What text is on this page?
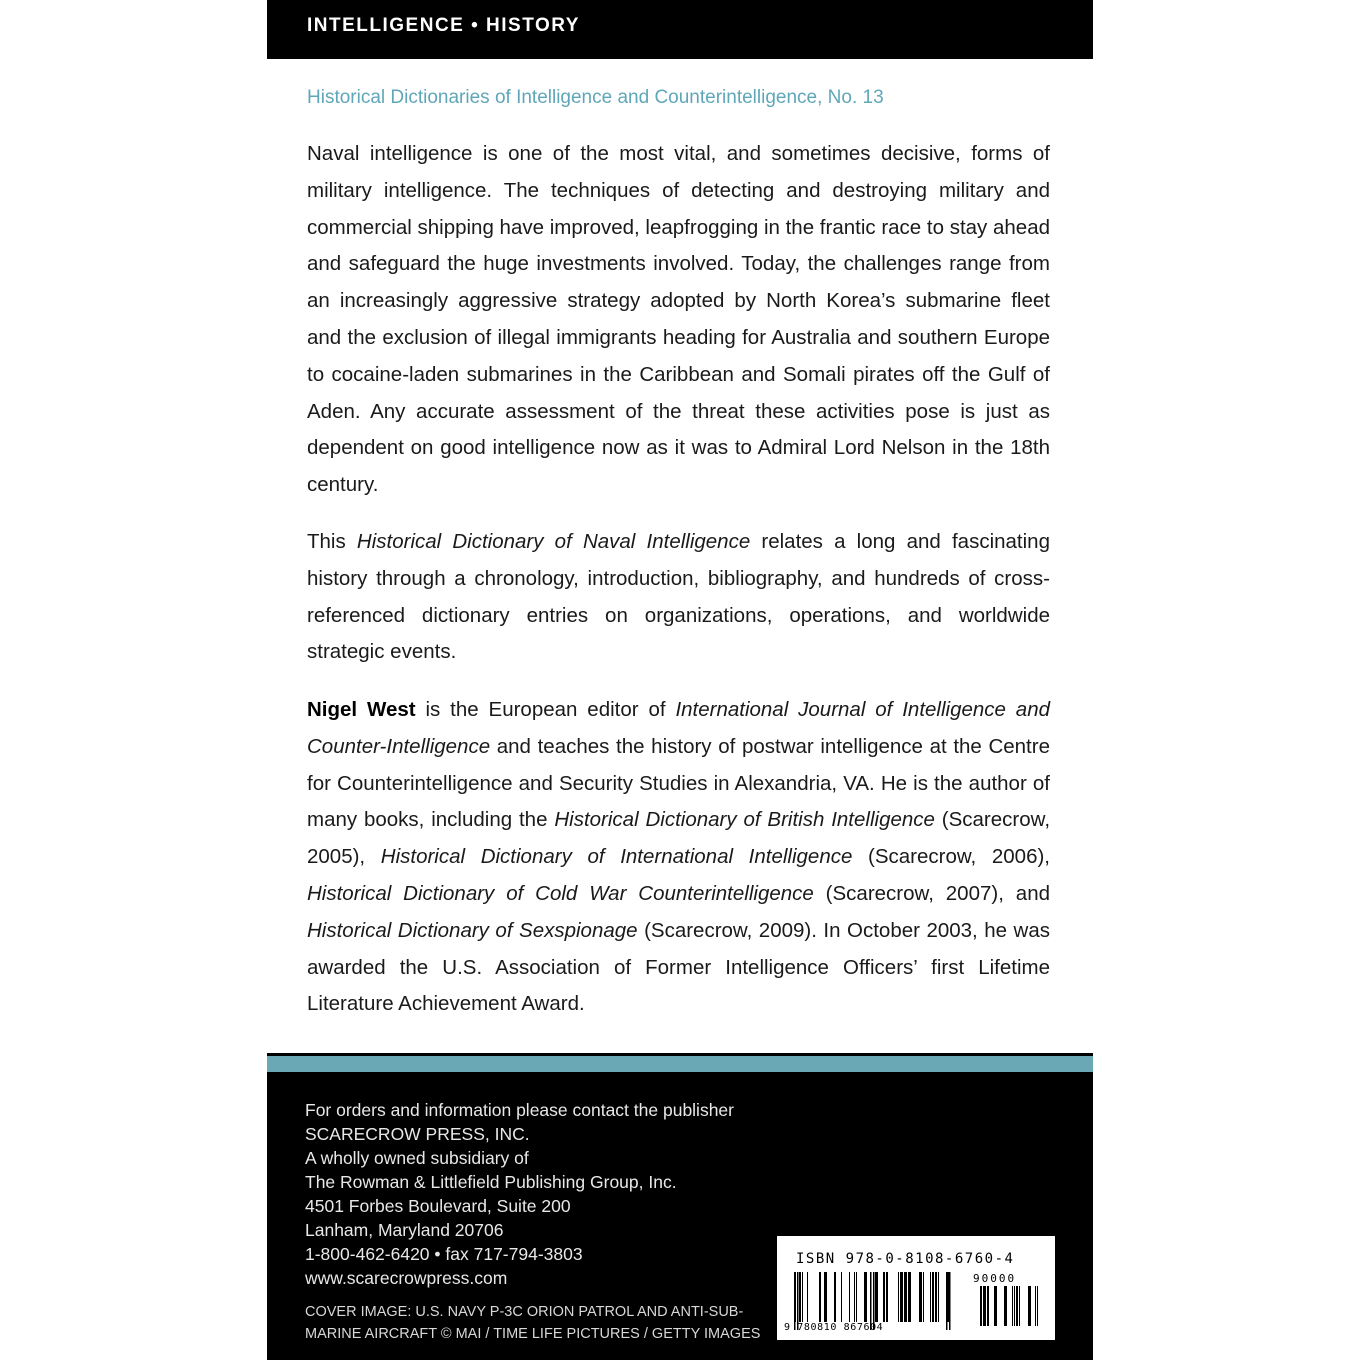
INTELLIGENCE • HISTORY
Historical Dictionaries of Intelligence and Counterintelligence, No. 13

Naval intelligence is one of the most vital, and sometimes decisive, forms of military intelligence. The techniques of detecting and destroying military and commercial shipping have improved, leapfrogging in the frantic race to stay ahead and safeguard the huge investments involved. Today, the challenges range from an increasingly aggressive strategy adopted by North Korea’s submarine fleet and the exclusion of illegal immigrants heading for Australia and southern Europe to cocaine-laden submarines in the Caribbean and Somali pirates off the Gulf of Aden. Any accurate assessment of the threat these activities pose is just as dependent on good intelligence now as it was to Admiral Lord Nelson in the 18th century.

This Historical Dictionary of Naval Intelligence relates a long and fascinating history through a chronology, introduction, bibliography, and hundreds of cross-referenced dictionary entries on organizations, operations, and worldwide strategic events.

Nigel West is the European editor of International Journal of Intelligence and Counter-Intelligence and teaches the history of postwar intelligence at the Centre for Counterintelligence and Security Studies in Alexandria, VA. He is the author of many books, including the Historical Dictionary of British Intelligence (Scarecrow, 2005), Historical Dictionary of International Intelligence (Scarecrow, 2006), Historical Dictionary of Cold War Counterintelligence (Scarecrow, 2007), and Historical Dictionary of Sexspionage (Scarecrow, 2009). In October 2003, he was awarded the U.S. Association of Former Intelligence Officers’ first Lifetime Literature Achievement Award.

For orders and information please contact the publisher
SCARECROW PRESS, INC.
A wholly owned subsidiary of
The Rowman & Littlefield Publishing Group, Inc.
4501 Forbes Boulevard, Suite 200
Lanham, Maryland 20706
1-800-462-6420 • fax 717-794-3803
www.scarecrowpress.com
COVER IMAGE: U.S. NAVY P-3C ORION PATROL AND ANTI-SUB-
MARINE AIRCRAFT © MAI / TIME LIFE PICTURES / GETTY IMAGES
ISBN 978-0-8108-6760-4
90000
9 780810 867604
